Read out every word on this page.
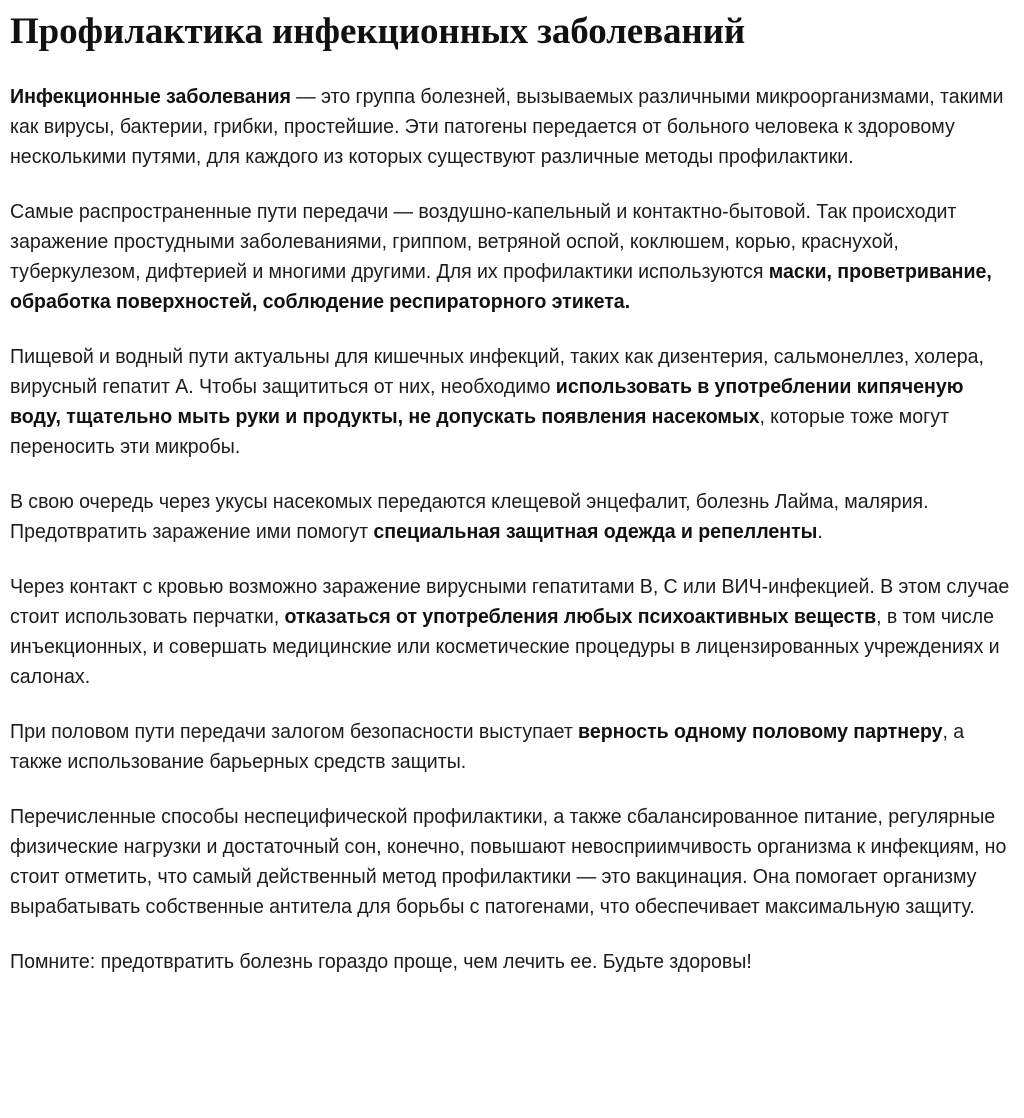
Профилактика инфекционных заболеваний

Инфекционные заболевания — это группа болезней, вызываемых различными микроорганизмами, такими как вирусы, бактерии, грибки, простейшие. Эти патогены передается от больного человека к здоровому несколькими путями, для каждого из которых существуют различные методы профилактики.

Самые распространенные пути передачи — воздушно-капельный и контактно-бытовой. Так происходит заражение простудными заболеваниями, гриппом, ветряной оспой, коклюшем, корью, краснухой, туберкулезом, дифтерией и многими другими. Для их профилактики используются маски, проветривание, обработка поверхностей, соблюдение респираторного этикета.

Пищевой и водный пути актуальны для кишечных инфекций, таких как дизентерия, сальмонеллез, холера, вирусный гепатит А. Чтобы защититься от них, необходимо использовать в употреблении кипяченую воду, тщательно мыть руки и продукты, не допускать появления насекомых, которые тоже могут переносить эти микробы.

В свою очередь через укусы насекомых передаются клещевой энцефалит, болезнь Лайма, малярия. Предотвратить заражение ими помогут специальная защитная одежда и репелленты.

Через контакт с кровью возможно заражение вирусными гепатитами В, С или ВИЧ-инфекцией. В этом случае стоит использовать перчатки, отказаться от употребления любых психоактивных веществ, в том числе инъекционных, и совершать медицинские или косметические процедуры в лицензированных учреждениях и салонах.

При половом пути передачи залогом безопасности выступает верность одному половому партнеру, а также использование барьерных средств защиты.

Перечисленные способы неспецифической профилактики, а также сбалансированное питание, регулярные физические нагрузки и достаточный сон, конечно, повышают невосприимчивость организма к инфекциям, но стоит отметить, что самый действенный метод профилактики — это вакцинация. Она помогает организму вырабатывать собственные антитела для борьбы с патогенами, что обеспечивает максимальную защиту.

Помните: предотвратить болезнь гораздо проще, чем лечить ее. Будьте здоровы!
